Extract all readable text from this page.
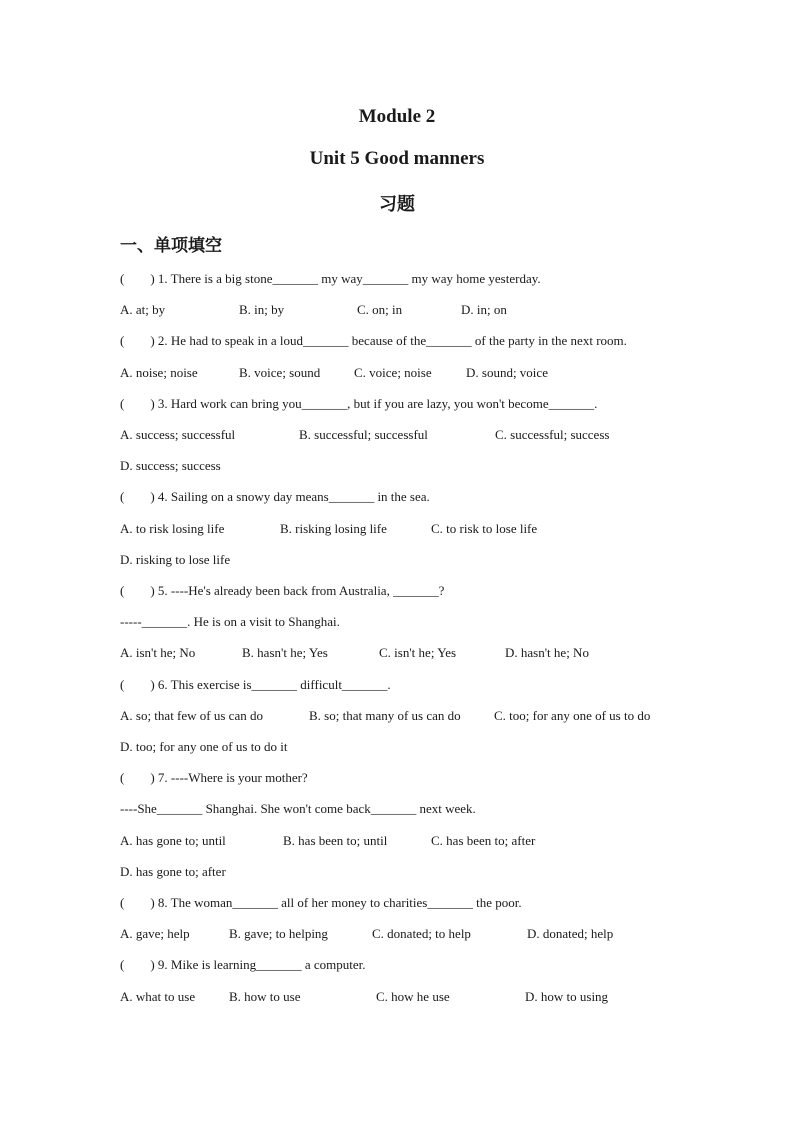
Module 2
Unit 5 Good manners
习题
一、单项填空
(        ) 1. There is a big stone_______ my way_______ my way home yesterday.
A. at; by	B. in; by	C. on; in	D. in; on
(        ) 2. He had to speak in a loud_______ because of the_______ of the party in the next room.
A. noise; noise	B. voice; sound	C. voice; noise	D. sound; voice
(        ) 3. Hard work can bring you_______, but if you are lazy, you won't become_______.
A. success; successful	B. successful; successful	C. successful; success
D. success; success
(        ) 4. Sailing on a snowy day means_______ in the sea.
A. to risk losing life	B. risking losing life	C. to risk to lose life
D. risking to lose life
(        ) 5. ----He's already been back from Australia, _______?
-----_______. He is on a visit to Shanghai.
A. isn't he; No	B. hasn't he; Yes	C. isn't he; Yes	D. hasn't he; No
(        ) 6. This exercise is_______ difficult_______.
A. so; that few of us can do	B. so; that many of us can do	C. too; for any one of us to do
D. too; for any one of us to do it
(        ) 7. ----Where is your mother?
----She_______ Shanghai. She won't come back_______ next week.
A. has gone to; until	B. has been to; until	C. has been to; after
D. has gone to; after
(        ) 8. The woman_______ all of her money to charities_______ the poor.
A. gave; help	B. gave; to helping	C. donated; to help	D. donated; help
(        ) 9. Mike is learning_______ a computer.
A. what to use	B. how to use	C. how he use	D. how to using
